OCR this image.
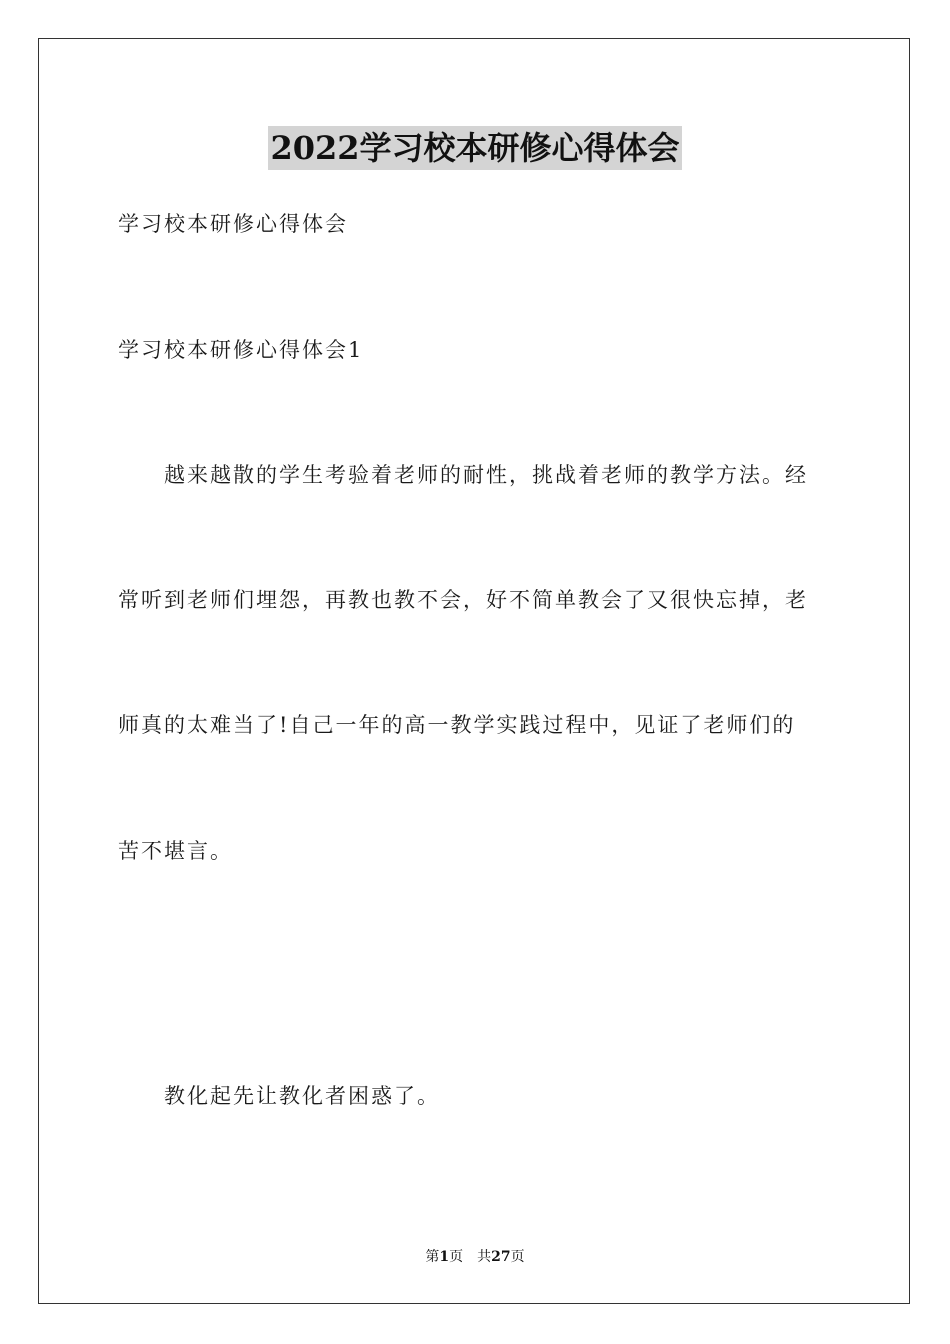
2022学习校本研修心得体会
学习校本研修心得体会
学习校本研修心得体会1
越来越散的学生考验着老师的耐性，挑战着老师的教学方法。经
常听到老师们埋怨，再教也教不会，好不简单教会了又很快忘掉，老
师真的太难当了!自己一年的高一教学实践过程中，见证了老师们的
苦不堪言。
教化起先让教化者困惑了。
第1页 共27页
